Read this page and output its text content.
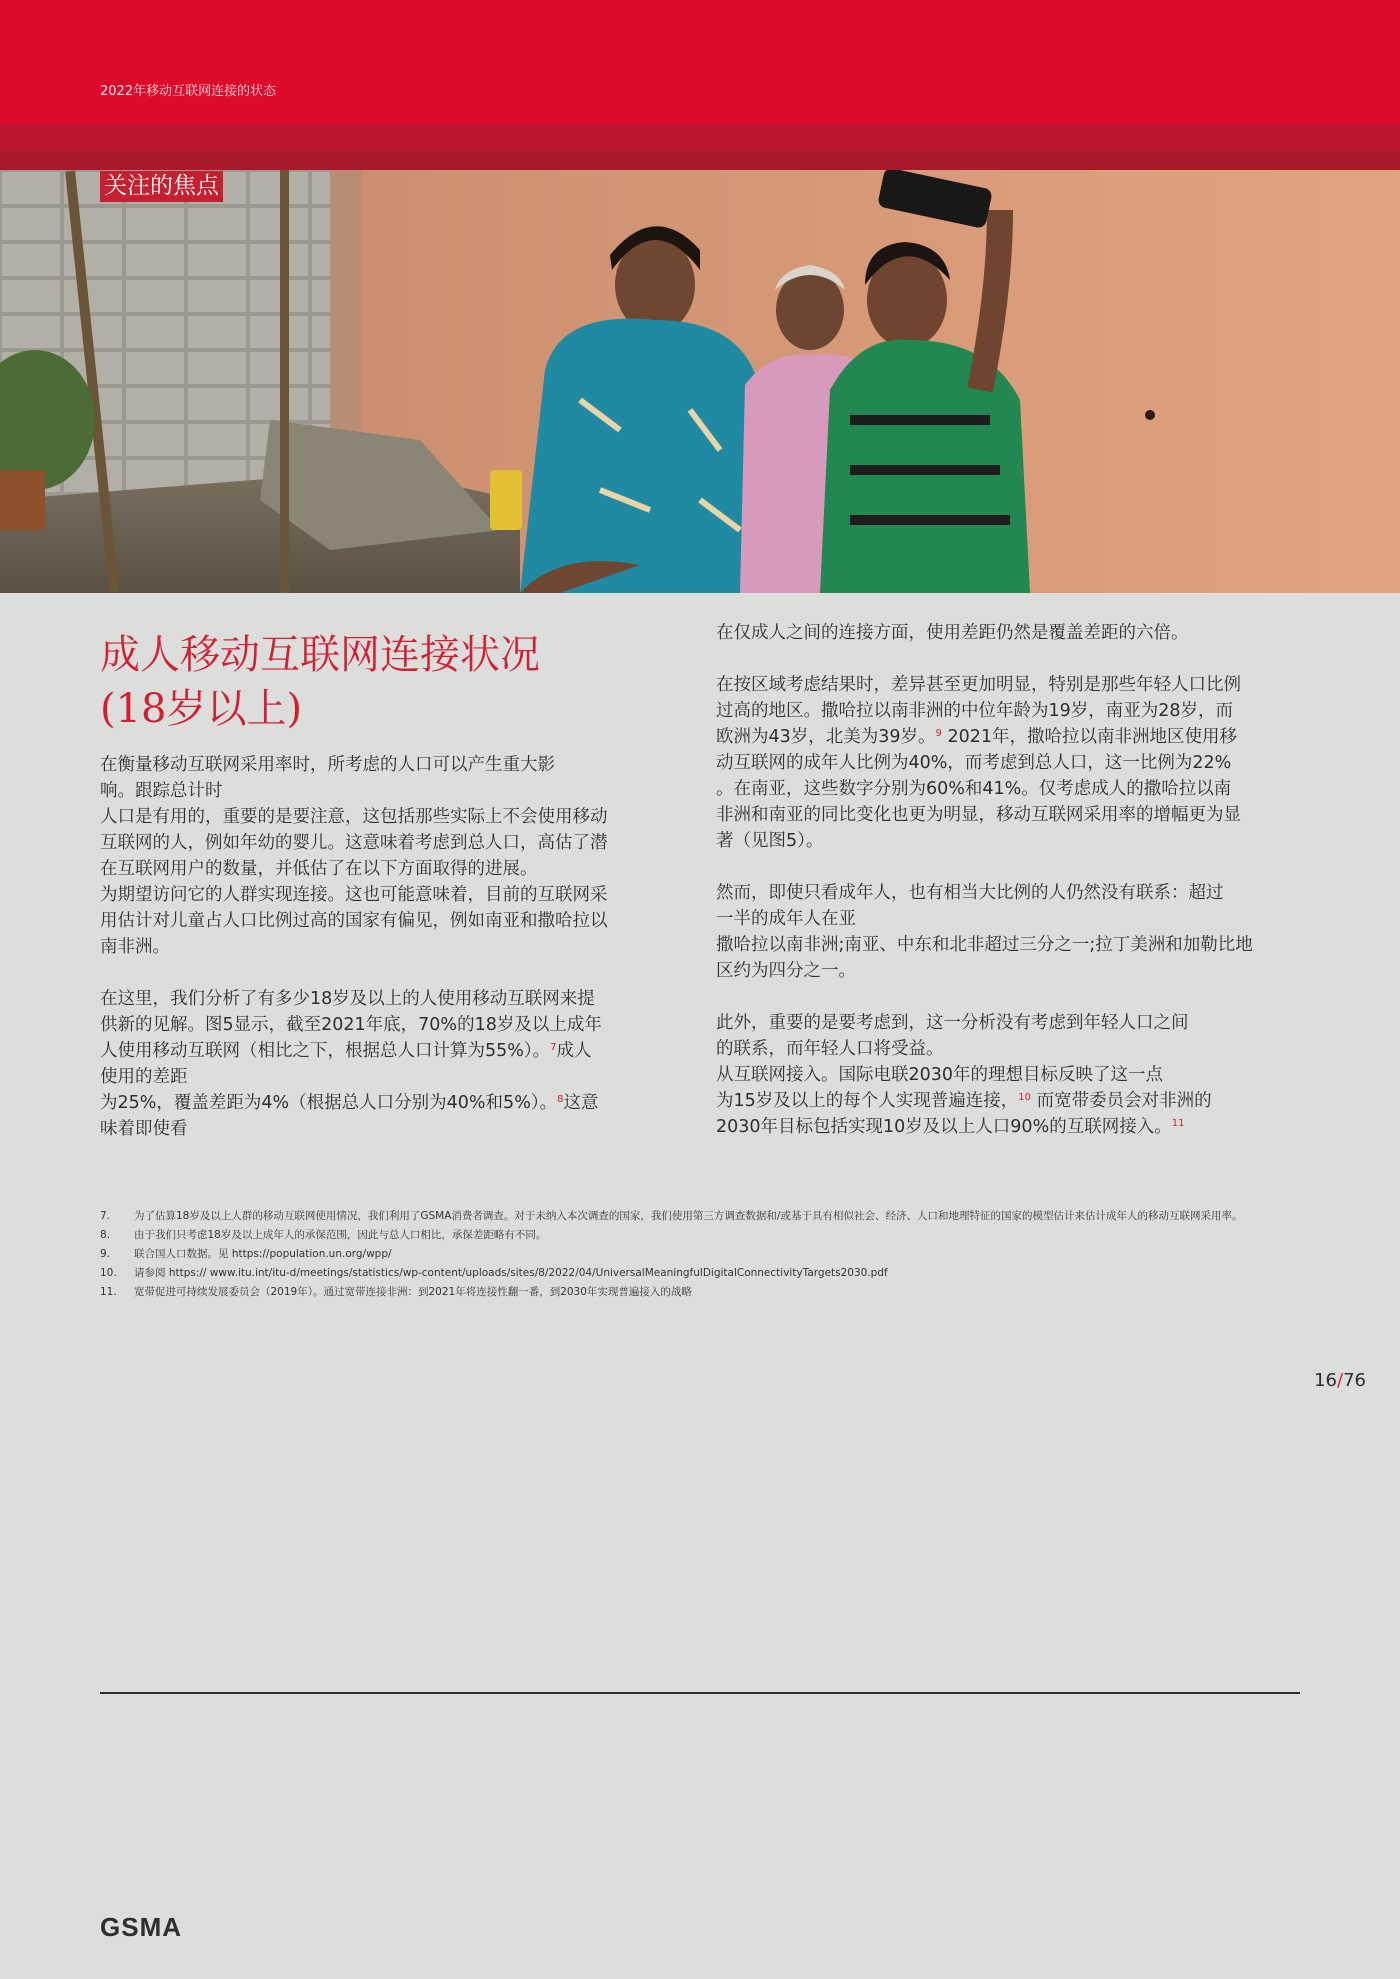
2022年移动互联网连接的状态
关注的焦点
成人移动互联网连接状况
(18岁以上)

在衡量移动互联网采用率时，所考虑的人口可以产生重大影

响。跟踪总计时

人口是有用的，重要的是要注意，这包括那些实际上不会使用移动

互联网的人，例如年幼的婴儿。这意味着考虑到总人口，高估了潜

在互联网用户的数量，并低估了在以下方面取得的进展。

为期望访问它的人群实现连接。这也可能意味着，目前的互联网采

用估计对儿童占人口比例过高的国家有偏见，例如南亚和撒哈拉以

南非洲。

在这里，我们分析了有多少18岁及以上的人使用移动互联网来提

供新的见解。图5显示，截至2021年底，70%的18岁及以上成年

人使用移动互联网（相比之下，根据总人口计算为55%）。$^7$成人

使用的差距

为25%，覆盖差距为4%（根据总人口分别为40%和5%）。$^8$这意

味着即使看

在仅成人之间的连接方面，使用差距仍然是覆盖差距的六倍。

在按区域考虑结果时，差异甚至更加明显，特别是那些年轻人口比例

过高的地区。撒哈拉以南非洲的中位年龄为19岁，南亚为28岁，而

欧洲为43岁，北美为39岁。$^9$ 2021年，撒哈拉以南非洲地区使用移

动互联网的成年人比例为40%，而考虑到总人口，这一比例为22%

。在南亚，这些数字分别为60%和41%。仅考虑成人的撒哈拉以南

非洲和南亚的同比变化也更为明显，移动互联网采用率的增幅更为显

著（见图5）。

然而，即使只看成年人，也有相当大比例的人仍然没有联系：超过

一半的成年人在亚

撒哈拉以南非洲;南亚、中东和北非超过三分之一;拉丁美洲和加勒比地

区约为四分之一。

此外，重要的是要考虑到，这一分析没有考虑到年轻人口之间

的联系，而年轻人口将受益。

从互联网接入。国际电联2030年的理想目标反映了这一点

为15岁及以上的每个人实现普遍连接，$^{10}$ 而宽带委员会对非洲的

2030年目标包括实现10岁及以上人口90%的互联网接入。$^{11}$

7.	为了估算18岁及以上人群的移动互联网使用情况，我们利用了GSMA消费者调查。对于未纳入本次调查的国家，我们使用第三方调查数据和/或基于具有相似社会、经济、人口和地理特征的国家的模型估计来估计成年人的移动互联网采用率。
8.	由于我们只考虑18岁及以上成年人的承保范围，因此与总人口相比，承保差距略有不同。
9.	联合国人口数据。见 https://population.un.org/wpp/
10.	请参阅 https:// www.itu.int/itu-d/meetings/statistics/wp-content/uploads/sites/8/2022/04/UniversalMeaningfulDigitalConnectivityTargets2030.pdf
11.	宽带促进可持续发展委员会（2019年）。通过宽带连接非洲：到2021年将连接性翻一番，到2030年实现普遍接入的战略
16/76
GSMA
